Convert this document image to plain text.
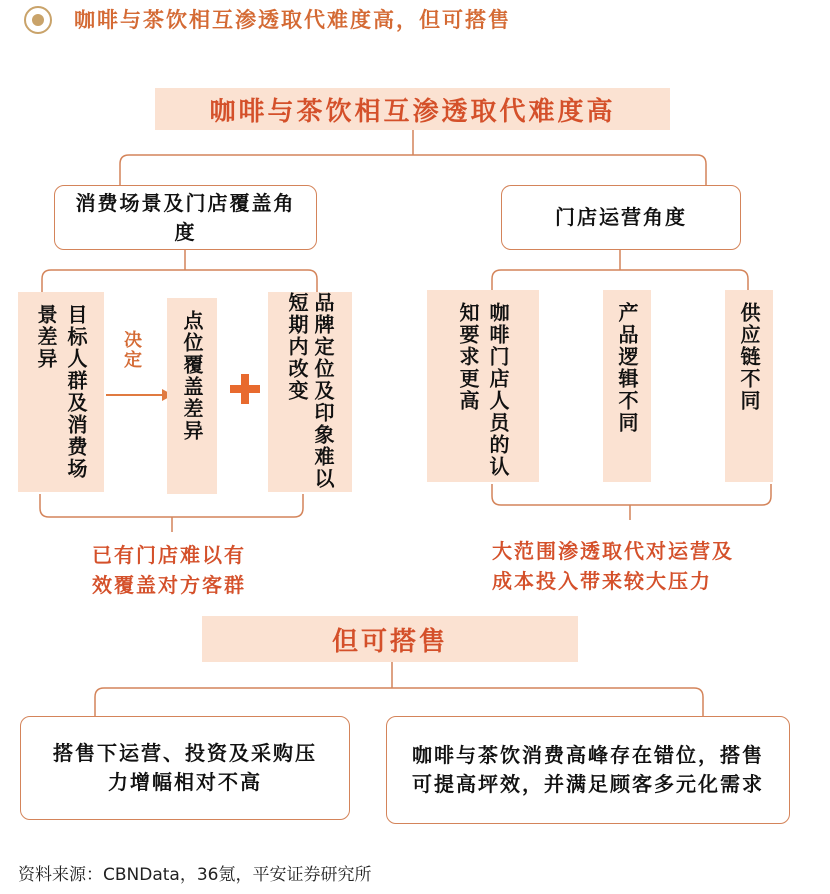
咖啡与茶饮相互渗透取代难度高，但可搭售
咖啡与茶饮相互渗透取代难度高
消费场景及门店覆盖角度
门店运营角度
目标人群及消费场景差异	决定 点位覆盖差异	品牌定位及印象难以短期内改变
已有门店难以有
效覆盖对方客群
咖啡门店人员的认知要求更高	产品逻辑不同	供应链不同
大范围渗透取代对运营及
成本投入带来较大压力
但可搭售
搭售下运营、投资及采购压力增幅相对不高
咖啡与茶饮消费高峰存在错位，搭售可提高坪效，并满足顾客多元化需求
资料来源：CBNData，36氪，平安证券研究所
